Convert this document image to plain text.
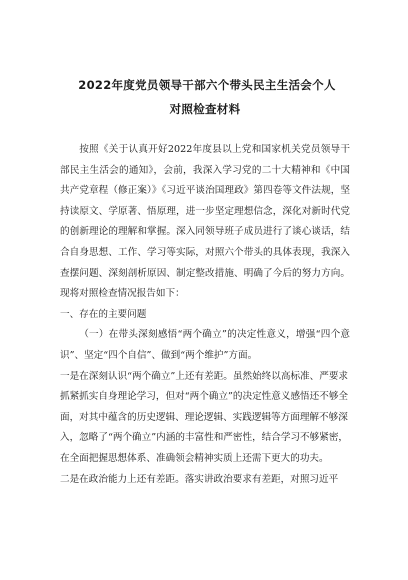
2022年度党员领导干部六个带头民主生活会个人
对照检查材料

按照《关于认真开好2022年度县以上党和国家机关党员领导干部民主生活会的通知》，会前，我深入学习党的二十大精神和《中国共产党章程（修正案）》《习近平谈治国理政》第四卷等文件法规，坚持读原文、学原著、悟原理，进一步坚定理想信念，深化对新时代党的创新理论的理解和掌握。深入同领导班子成员进行了谈心谈话，结合自身思想、工作、学习等实际，对照六个带头的具体表现，我深入查摆问题、深刻剖析原因、制定整改措施、明确了今后的努力方向。现将对照检查情况报告如下：

一、存在的主要问题

（一）在带头深刻感悟“两个确立”的决定性意义，增强“四个意识”、坚定“四个自信”、做到“两个维护”方面。

一是在深刻认识“两个确立”上还有差距。虽然始终以高标准、严要求抓紧抓实自身理论学习，但对“两个确立”的决定性意义感悟还不够全面，对其中蕴含的历史逻辑、理论逻辑、实践逻辑等方面理解不够深入，忽略了“两个确立”内涵的丰富性和严密性，结合学习不够紧密，在全面把握思想体系、准确领会精神实质上还需下更大的功夫。

二是在政治能力上还有差距。落实讲政治要求有差距，对照习近平
